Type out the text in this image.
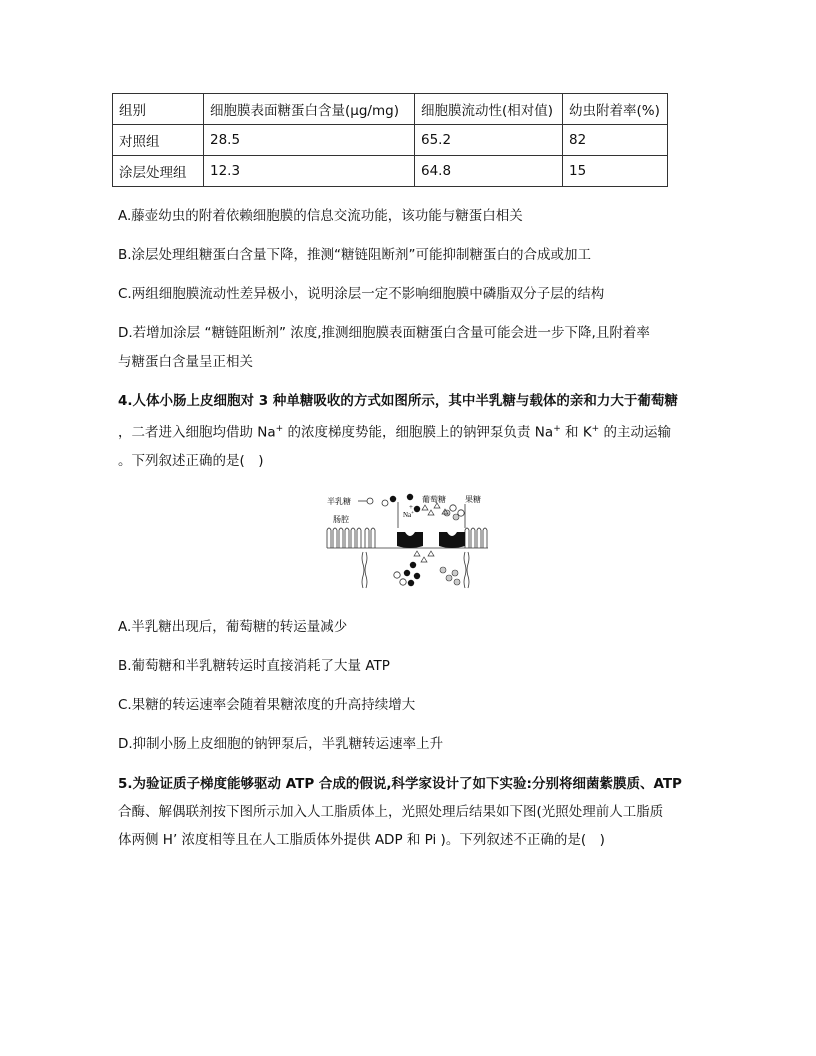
组别	细胞膜表面糖蛋白含量(μg/mg)	细胞膜流动性(相对值)	幼虫附着率(%)
对照组	28.5	65.2	82
涂层处理组	12.3	64.8	15
A.藤壶幼虫的附着依赖细胞膜的信息交流功能，该功能与糖蛋白相关
B.涂层处理组糖蛋白含量下降，推测“糖链阻断剂”可能抑制糖蛋白的合成或加工
C.两组细胞膜流动性差异极小，说明涂层一定不影响细胞膜中磷脂双分子层的结构
D.若增加涂层 “糖链阻断剂” 浓度,推测细胞膜表面糖蛋白含量可能会进一步下降,且附着率
与糖蛋白含量呈正相关
4.人体小肠上皮细胞对 3 种单糖吸收的方式如图所示，其中半乳糖与载体的亲和力大于葡萄糖
，二者进入细胞均借助 Na+ 的浓度梯度势能，细胞膜上的钠钾泵负责 Na+ 和 K+ 的主动运输
。下列叙述正确的是(　)
半乳糖
肠腔
葡萄糖 果糖
Na+
+
A.半乳糖出现后，葡萄糖的转运量减少
B.葡萄糖和半乳糖转运时直接消耗了大量 ATP
C.果糖的转运速率会随着果糖浓度的升高持续增大
D.抑制小肠上皮细胞的钠钾泵后，半乳糖转运速率上升
5.为验证质子梯度能够驱动 ATP 合成的假说,科学家设计了如下实验:分别将细菌紫膜质、ATP
合酶、解偶联剂按下图所示加入人工脂质体上，光照处理后结果如下图(光照处理前人工脂质
体两侧 H’ 浓度相等且在人工脂质体外提供 ADP 和 Pi )。下列叙述不正确的是(　)
